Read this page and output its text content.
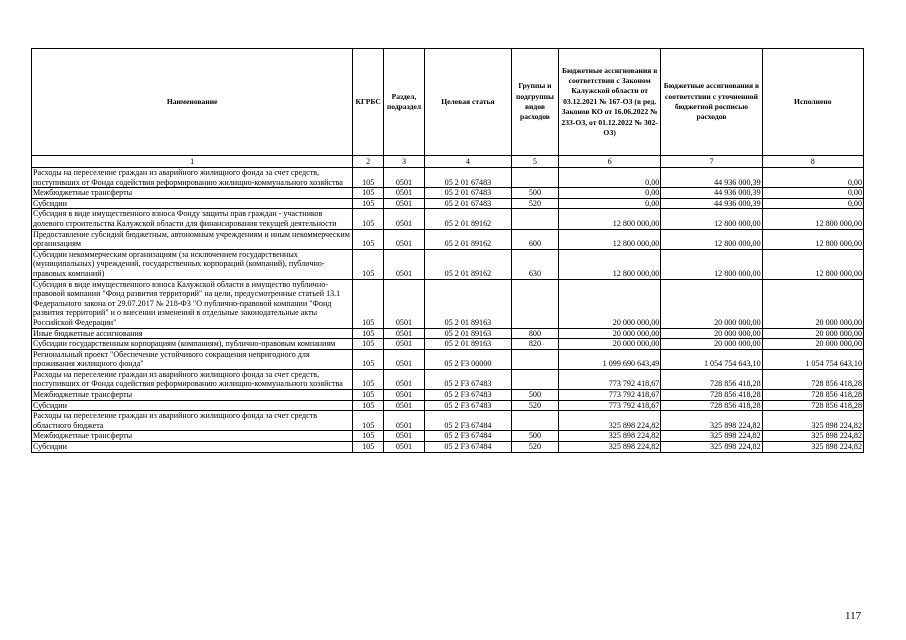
Наименование	КГРБС	Раздел, подраздел	Целевая статья	Группы и подгруппы видов расходов	Бюджетные ассигнования в соответствии с Законом Калужской области от 03.12.2021 № 167-ОЗ (в ред. Законов КО от 16.06.2022 № 233-ОЗ, от 01.12.2022 № 302-ОЗ)	Бюджетные ассигнования в соответствии с уточненной бюджетной росписью расходов	Исполнено
1	2	3	4	5	6	7	8
Расходы на переселение граждан из аварийного жилищного фонда за счет средств, поступивших от Фонда содействия реформированию жилищно-коммунального хозяйства	105	0501	05 2 01 67483		0,00	44 936 000,39	0,00
Межбюджетные трансферты	105	0501	05 2 01 67483	500	0,00	44 936 000,39	0,00
Субсидии	105	0501	05 2 01 67483	520	0,00	44 936 000,39	0,00
Субсидия в виде имущественного взноса Фонду защиты прав граждан - участников долевого строительства Калужской области для финансирования текущей деятельности	105	0501	05 2 01 89162		12 800 000,00	12 800 000,00	12 800 000,00
Предоставление субсидий бюджетным, автономным учреждениям и иным некоммерческим организациям	105	0501	05 2 01 89162	600	12 800 000,00	12 800 000,00	12 800 000,00
Субсидии некоммерческим организациям (за исключением государственных (муниципальных) учреждений, государственных корпораций (компаний), публично-правовых компаний)	105	0501	05 2 01 89162	630	12 800 000,00	12 800 000,00	12 800 000,00
Субсидия в виде имущественного взноса Калужской области в имущество публично-правовой компании "Фонд развития территорий" на цели, предусмотренные статьей 13.1 Федерального закона от 29.07.2017 № 218-ФЗ "О публично-правовой компании "Фонд развития территорий" и о внесении изменений в отдельные законодательные акты Российской Федерации"	105	0501	05 2 01 89163		20 000 000,00	20 000 000,00	20 000 000,00
Иные бюджетные ассигнования	105	0501	05 2 01 89163	800	20 000 000,00	20 000 000,00	20 000 000,00
Субсидии государственным корпорациям (компаниям), публично-правовым компаниям	105	0501	05 2 01 89163	820	20 000 000,00	20 000 000,00	20 000 000,00
Региональный проект "Обеспечение устойчивого сокращения непригодного для проживания жилищного фонда"	105	0501	05 2 F3 00000		1 099 690 643,49	1 054 754 643,10	1 054 754 643,10
Расходы на переселение граждан из аварийного жилищного фонда за счет средств, поступивших от Фонда содействия реформированию жилищно-коммунального хозяйства	105	0501	05 2 F3 67483		773 792 418,67	728 856 418,28	728 856 418,28
Межбюджетные трансферты	105	0501	05 2 F3 67483	500	773 792 418,67	728 856 418,28	728 856 418,28
Субсидии	105	0501	05 2 F3 67483	520	773 792 418,67	728 856 418,28	728 856 418,28
Расходы на переселение граждан из аварийного жилищного фонда за счет средств областного бюджета	105	0501	05 2 F3 67484		325 898 224,82	325 898 224,82	325 898 224,82
Межбюджетные трансферты	105	0501	05 2 F3 67484	500	325 898 224,82	325 898 224,82	325 898 224,82
Субсидии	105	0501	05 2 F3 67484	520	325 898 224,82	325 898 224,82	325 898 224,82
117
